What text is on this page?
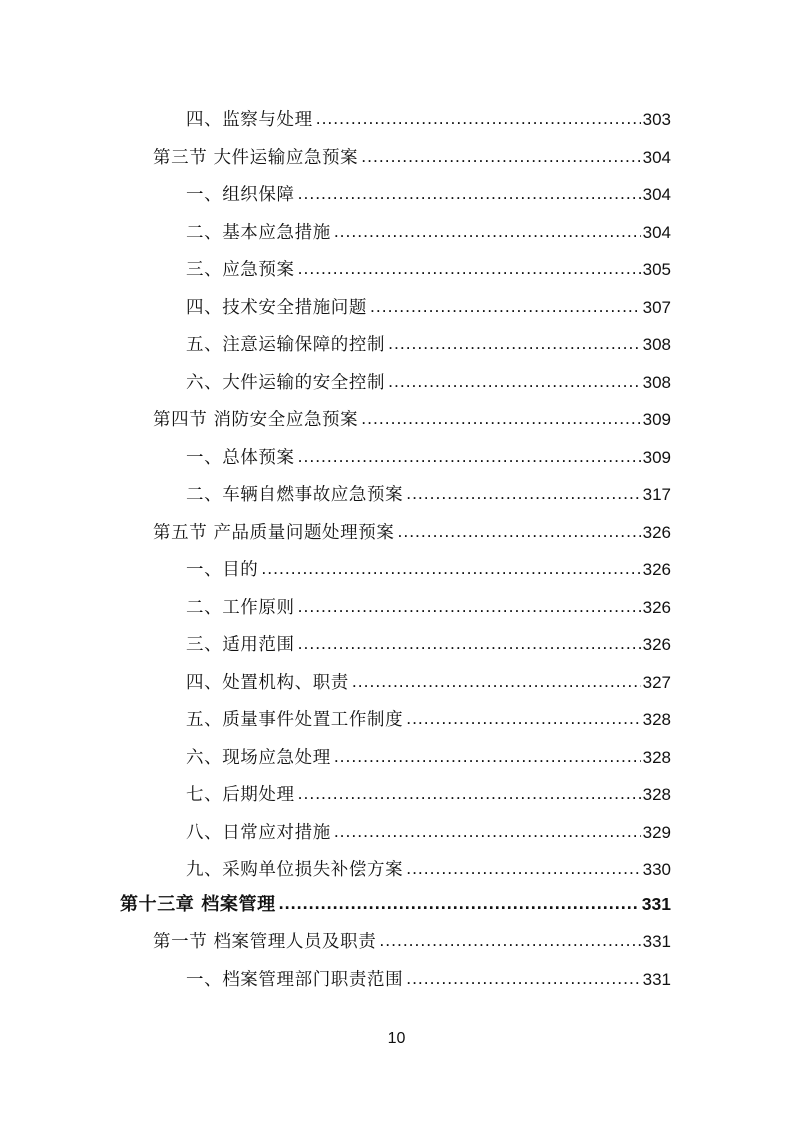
四、监察与处理 .....	303
第三节 大件运输应急预案 .....	304
一、组织保障 .....	304
二、基本应急措施 .....	304
三、应急预案 .....	305
四、技术安全措施问题 .....	307
五、注意运输保障的控制 .....	308
六、大件运输的安全控制 .....	308
第四节 消防安全应急预案 .....	309
一、总体预案 .....	309
二、车辆自燃事故应急预案 .....	317
第五节 产品质量问题处理预案 .....	326
一、目的 .....	326
二、工作原则 .....	326
三、适用范围 .....	326
四、处置机构、职责 .....	327
五、质量事件处置工作制度 .....	328
六、现场应急处理 .....	328
七、后期处理 .....	328
八、日常应对措施 .....	329
九、采购单位损失补偿方案 .....	330
第十三章 档案管理 .....	331
第一节 档案管理人员及职责 .....	331
一、档案管理部门职责范围 .....	331
10
